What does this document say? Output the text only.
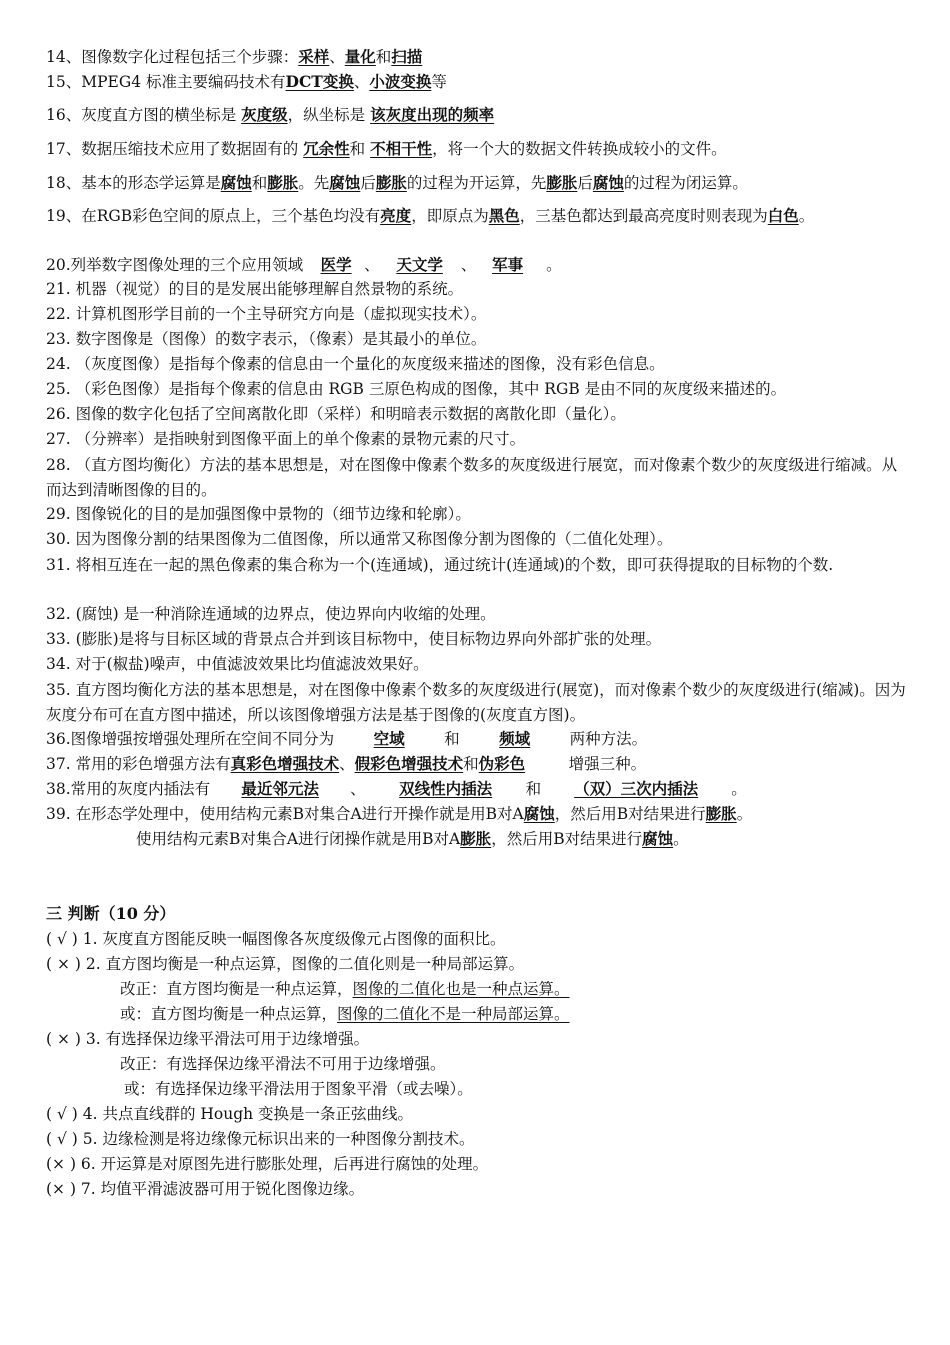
14、图像数字化过程包括三个步骤：采样、量化和扫描
15、MPEG4 标准主要编码技术有DCT变换、小波变换等
16、灰度直方图的横坐标是 灰度级，纵坐标是 该灰度出现的频率
17、数据压缩技术应用了数据固有的 冗余性和 不相干性，将一个大的数据文件转换成较小的文件。
18、基本的形态学运算是腐蚀和膨胀。先腐蚀后膨胀的过程为开运算，先膨胀后腐蚀的过程为闭运算。
19、在RGB彩色空间的原点上，三个基色均没有亮度，即原点为黑色，三基色都达到最高亮度时则表现为白色。
20.列举数字图像处理的三个应用领域 医学 、 天文学 、 军事 。
21. 机器（视觉）的目的是发展出能够理解自然景物的系统。
22. 计算机图形学目前的一个主导研究方向是（虚拟现实技术）。
23. 数字图像是（图像）的数字表示，（像素）是其最小的单位。
24. （灰度图像）是指每个像素的信息由一个量化的灰度级来描述的图像，没有彩色信息。
25. （彩色图像）是指每个像素的信息由 RGB 三原色构成的图像，其中 RGB 是由不同的灰度级来描述的。
26. 图像的数字化包括了空间离散化即（采样）和明暗表示数据的离散化即（量化）。
27. （分辨率）是指映射到图像平面上的单个像素的景物元素的尺寸。
28. （直方图均衡化）方法的基本思想是，对在图像中像素个数多的灰度级进行展宽，而对像素个数少的灰度级进行缩减。从而达到清晰图像的目的。
29. 图像锐化的目的是加强图像中景物的（细节边缘和轮廓）。
30. 因为图像分割的结果图像为二值图像，所以通常又称图像分割为图像的（二值化处理）。
31. 将相互连在一起的黑色像素的集合称为一个(连通域)，通过统计(连通域)的个数，即可获得提取的目标物的个数.
32. (腐蚀) 是一种消除连通域的边界点，使边界向内收缩的处理。
33. (膨胀)是将与目标区域的背景点合并到该目标物中，使目标物边界向外部扩张的处理。
34. 对于(椒盐)噪声，中值滤波效果比均值滤波效果好。
35. 直方图均衡化方法的基本思想是，对在图像中像素个数多的灰度级进行(展宽)，而对像素个数少的灰度级进行(缩减)。因为灰度分布可在直方图中描述，所以该图像增强方法是基于图像的(灰度直方图)。
36.图像增强按增强处理所在空间不同分为	空域	和	频域	两种方法。
37. 常用的彩色增强方法有真彩色增强技术、假彩色增强技术和伪彩色	增强三种。
38.常用的灰度内插法有 最近邻元法 、 双线性内插法 和 （双）三次内插法 。
39. 在形态学处理中，使用结构元素B对集合A进行开操作就是用B对A腐蚀，然后用B对结果进行膨胀。
使用结构元素B对集合A进行闭操作就是用B对A膨胀，然后用B对结果进行腐蚀。
三 判断（10 分）
( √ ) 1. 灰度直方图能反映一幅图像各灰度级像元占图像的面积比。
( × ) 2. 直方图均衡是一种点运算，图像的二值化则是一种局部运算。
改正：直方图均衡是一种点运算，图像的二值化也是一种点运算。
或：直方图均衡是一种点运算，图像的二值化不是一种局部运算。
( × ) 3. 有选择保边缘平滑法可用于边缘增强。
改正：有选择保边缘平滑法不可用于边缘增强。
或：有选择保边缘平滑法用于图象平滑（或去噪）。
( √ ) 4. 共点直线群的 Hough 变换是一条正弦曲线。
( √ ) 5. 边缘检测是将边缘像元标识出来的一种图像分割技术。
(× ) 6. 开运算是对原图先进行膨胀处理，后再进行腐蚀的处理。
(× ) 7. 均值平滑滤波器可用于锐化图像边缘。
